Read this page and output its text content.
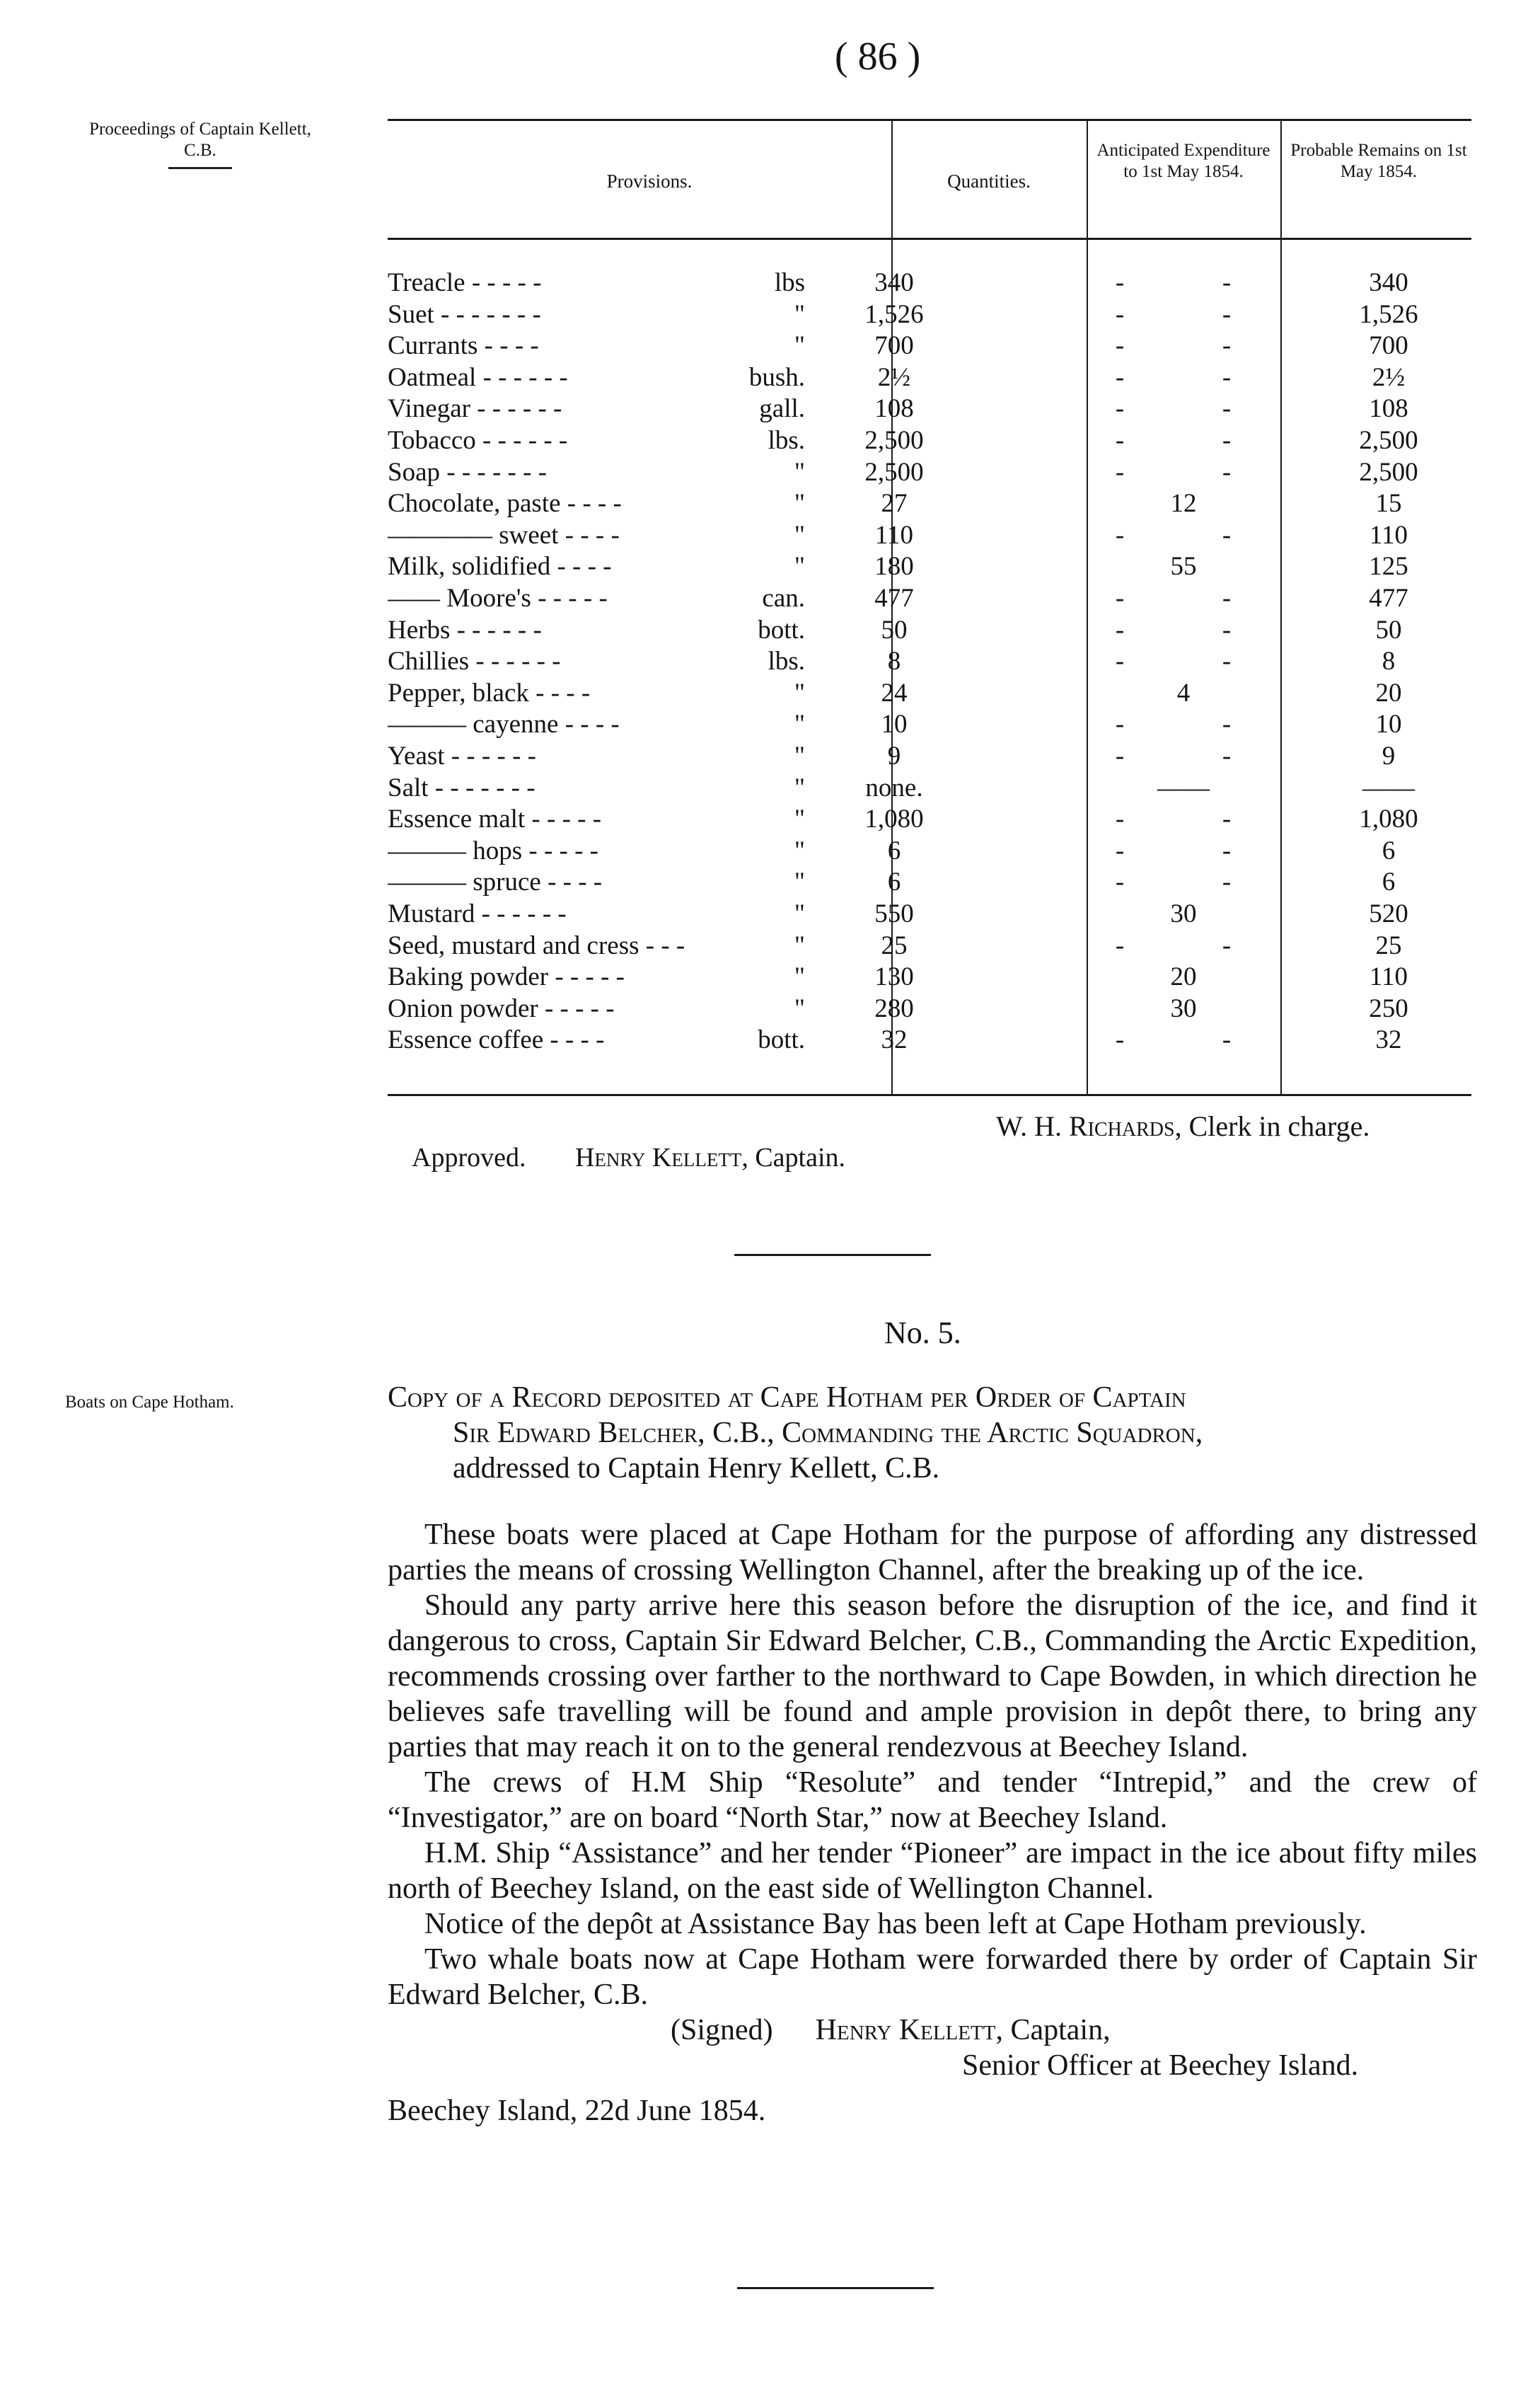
( 86 )
Proceedings of Captain Kellett, C.B.
Provisions.	Quantities.
Anticipated Expenditure to 1st May 1854.
Probable Remains on 1st May 1854.
Treacle - - - - -	lbs	340	-	-	340
Suet - - - - - - -	" 1,526	-	-	1,526
Currants - - - -	"	700	-	-	700
Oatmeal - - - - - -	bush.	2½	-	-	2½
Vinegar - - - - - -	gall.	108	-	-	108
Tobacco - - - - - -	lbs. 2,500	-	-	2,500
Soap - - - - - - -	" 2,500	-	-	2,500
Chocolate, paste - - - -	"	27	12	15
———— sweet - - - -	"	110	-	-	110
Milk, solidified - - - -	"	180	55	125
—— Moore's - - - - -	can.	477	-	-	477
Herbs - - - - - -	bott.	50	-	-	50
Chillies - - - - - -	lbs.	8	-	-	8
Pepper, black - - - -	"	24	4	20
——— cayenne - - - -	"	10	-	-	10
Yeast - - - - - -	"	9	-	-	9
Salt - - - - - - -	" none.	——	——
Essence malt - - - - -	" 1,080	-	-	1,080
——— hops - - - - -	"	6	-	-	6
——— spruce - - - -	"	6	-	-	6
Mustard - - - - - -	"	550	30	520
Seed, mustard and cress - - -	"	25	-	-	25
Baking powder - - - - -	"	130	20	110
Onion powder - - - - -	"	280	30	250
Essence coffee - - - -	bott.	32	-	-	32
W. H. Richards, Clerk in charge.
Approved. Henry Kellett, Captain.
No. 5.
Boats on Cape Hotham.	Copy of a Record deposited at Cape Hotham per Order of Captain
Sir Edward Belcher, C.B., Commanding the Arctic Squadron,
addressed to Captain Henry Kellett, C.B.

These boats were placed at Cape Hotham for the purpose of affording any distressed parties the means of crossing Wellington Channel, after the breaking up of the ice.

Should any party arrive here this season before the disruption of the ice, and find it dangerous to cross, Captain Sir Edward Belcher, C.B., Commanding the Arctic Expedition, recommends crossing over farther to the northward to Cape Bowden, in which direction he believes safe travelling will be found and ample provision in depôt there, to bring any parties that may reach it on to the general rendezvous at Beechey Island.

The crews of H.M Ship “Resolute” and tender “Intrepid,” and the crew of “Investigator,” are on board “North Star,” now at Beechey Island.

H.M. Ship “Assistance” and her tender “Pioneer” are impact in the ice about fifty miles north of Beechey Island, on the east side of Wellington Channel.

Notice of the depôt at Assistance Bay has been left at Cape Hotham previously.

Two whale boats now at Cape Hotham were forwarded there by order of Captain Sir Edward Belcher, C.B.

(Signed) Henry Kellett, Captain,
Senior Officer at Beechey Island.
Beechey Island, 22d June 1854.
